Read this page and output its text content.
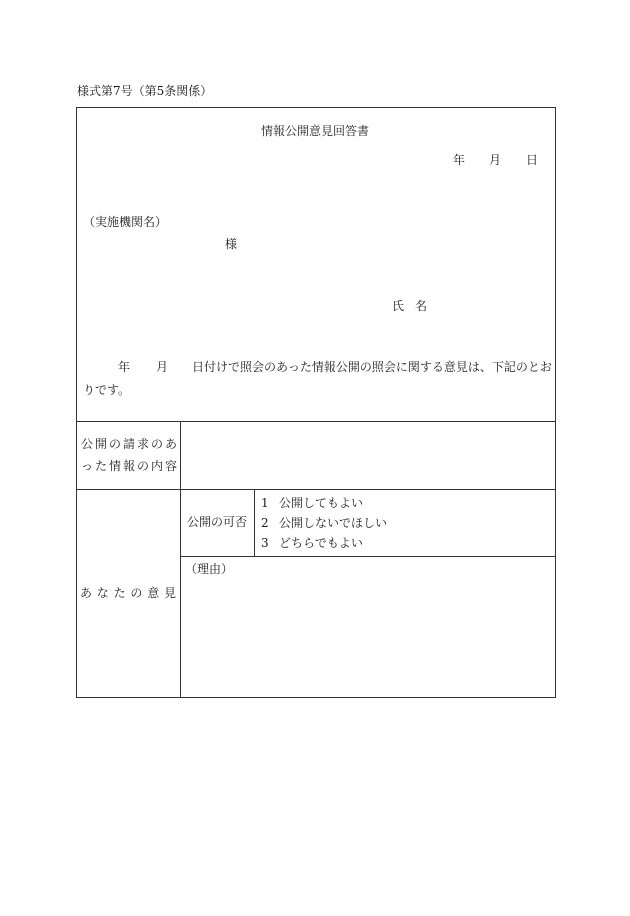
様式第7号（第5条関係）
情報公開意見回答書
年 月 日
（実施機関名）
様
氏名
年 月 日付けで照会のあった情報公開の照会に関する意見は、下記のとお
りです。
公開の請求のあ
った情報の内容
あなたの意見
公開の可否
1 公開してもよい
2 公開しないでほしい
3 どちらでもよい
（理由）
